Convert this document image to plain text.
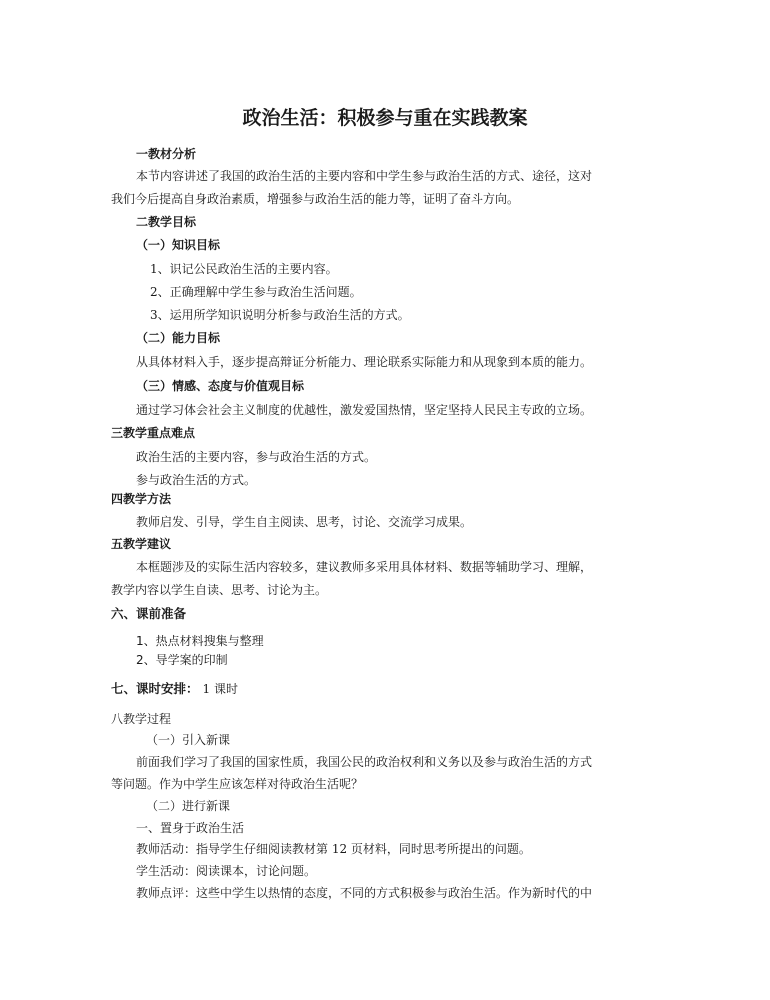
政治生活：积极参与重在实践教案

一教材分析

本节内容讲述了我国的政治生活的主要内容和中学生参与政治生活的方式、途径，这对

我们今后提高自身政治素质，增强参与政治生活的能力等，证明了奋斗方向。

二教学目标

（一）知识目标

1、识记公民政治生活的主要内容。

2、正确理解中学生参与政治生活问题。

3、运用所学知识说明分析参与政治生活的方式。

（二）能力目标

从具体材料入手，逐步提高辩证分析能力、理论联系实际能力和从现象到本质的能力。

（三）情感、态度与价值观目标

通过学习体会社会主义制度的优越性，激发爱国热情，坚定坚持人民民主专政的立场。

三教学重点难点

政治生活的主要内容，参与政治生活的方式。

参与政治生活的方式。

四教学方法

教师启发、引导，学生自主阅读、思考，讨论、交流学习成果。

五教学建议

本框题涉及的实际生活内容较多，建议教师多采用具体材料、数据等辅助学习、理解，

教学内容以学生自读、思考、讨论为主。

六、课前准备

1、热点材料搜集与整理

2、导学案的印制

七、课时安排： 1 课时

八教学过程

（一）引入新课

前面我们学习了我国的国家性质，我国公民的政治权利和义务以及参与政治生活的方式

等问题。作为中学生应该怎样对待政治生活呢？

（二）进行新课

一、置身于政治生活

教师活动：指导学生仔细阅读教材第 12 页材料，同时思考所提出的问题。

学生活动：阅读课本，讨论问题。

教师点评：这些中学生以热情的态度，不同的方式积极参与政治生活。作为新时代的中
